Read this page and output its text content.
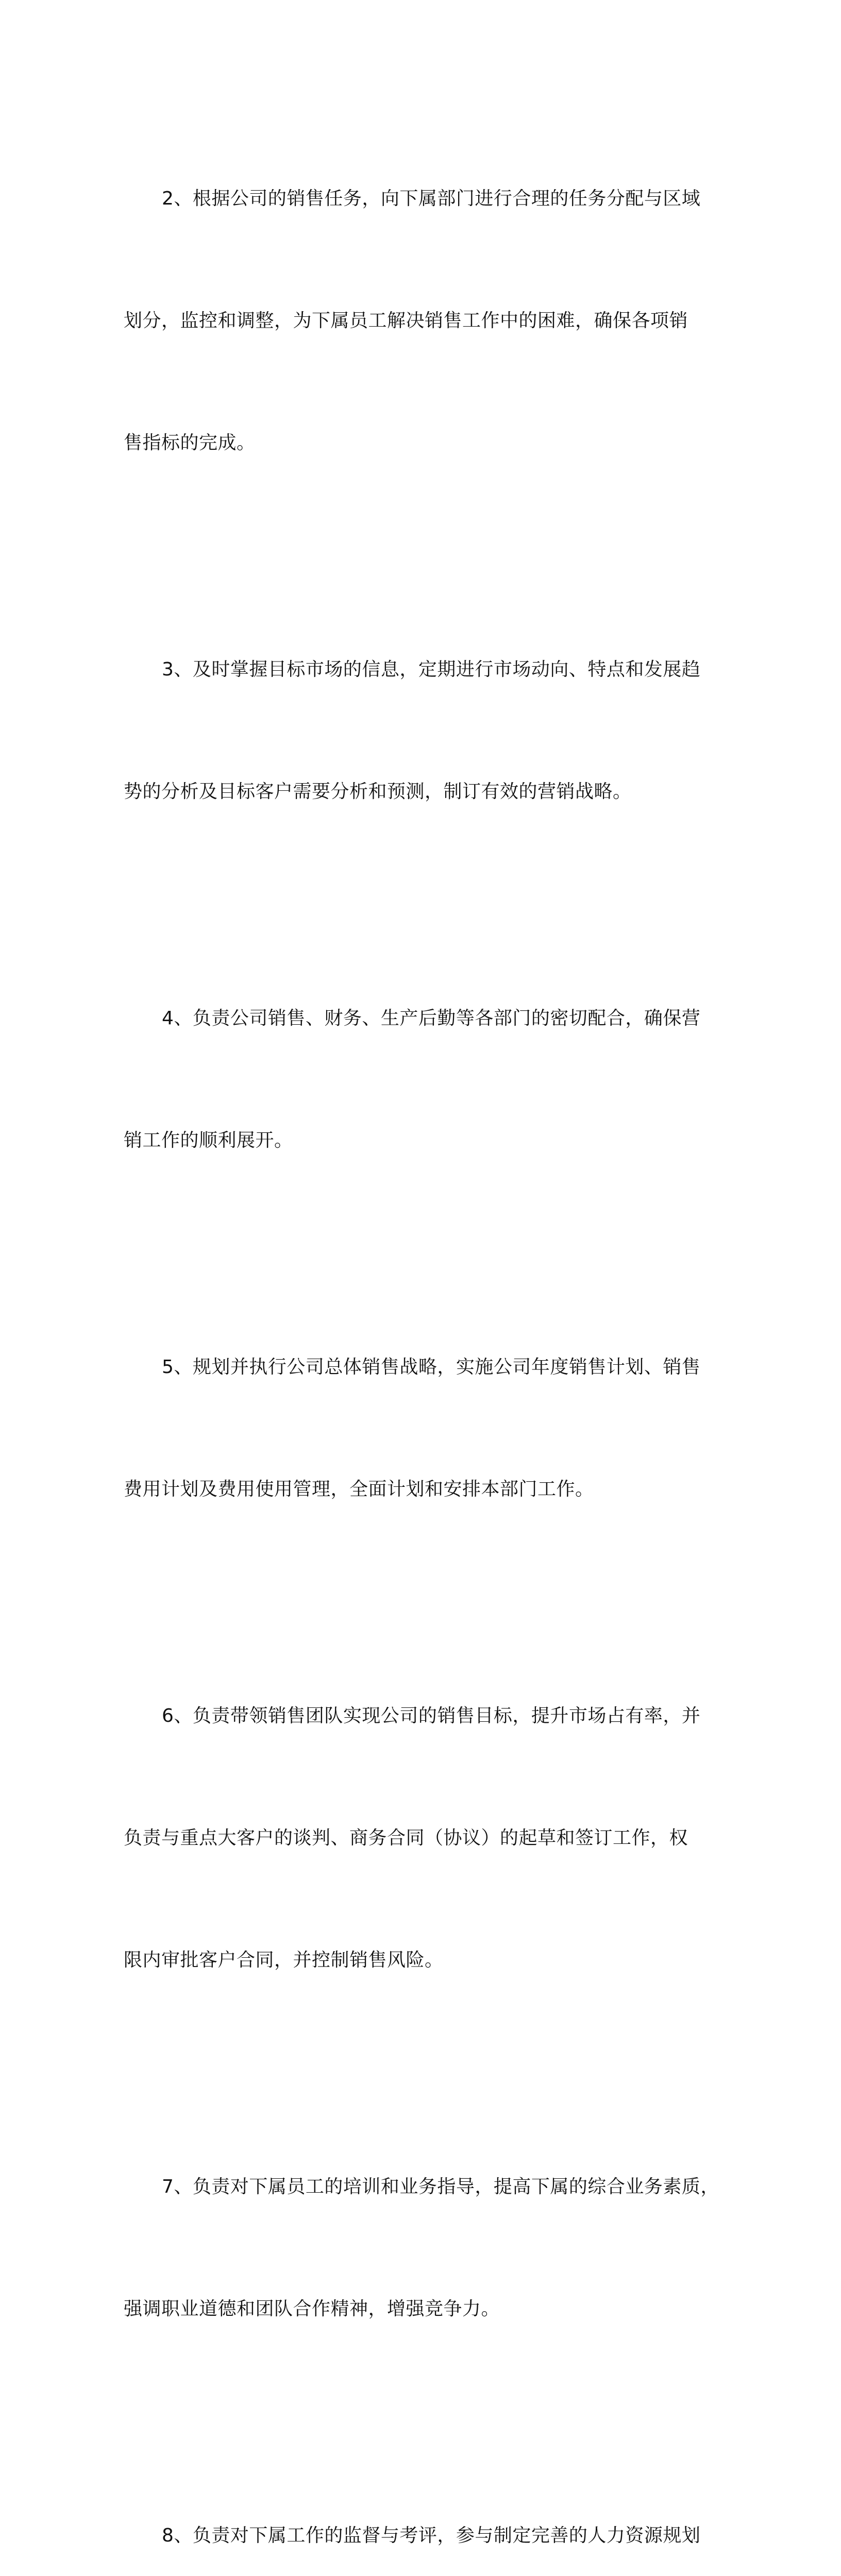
2、根据公司的销售任务，向下属部门进行合理的任务分配与区域

划分，监控和调整，为下属员工解决销售工作中的困难，确保各项销

售指标的完成。

3、及时掌握目标市场的信息，定期进行市场动向、特点和发展趋

势的分析及目标客户需要分析和预测，制订有效的营销战略。

4、负责公司销售、财务、生产后勤等各部门的密切配合，确保营

销工作的顺利展开。

5、规划并执行公司总体销售战略，实施公司年度销售计划、销售

费用计划及费用使用管理，全面计划和安排本部门工作。

6、负责带领销售团队实现公司的销售目标，提升市场占有率，并

负责与重点大客户的谈判、商务合同（协议）的起草和签订工作，权

限内审批客户合同，并控制销售风险。

7、负责对下属员工的培训和业务指导，提高下属的综合业务素质，

强调职业道德和团队合作精神，增强竞争力。

8、负责对下属工作的监督与考评，参与制定完善的人力资源规划
